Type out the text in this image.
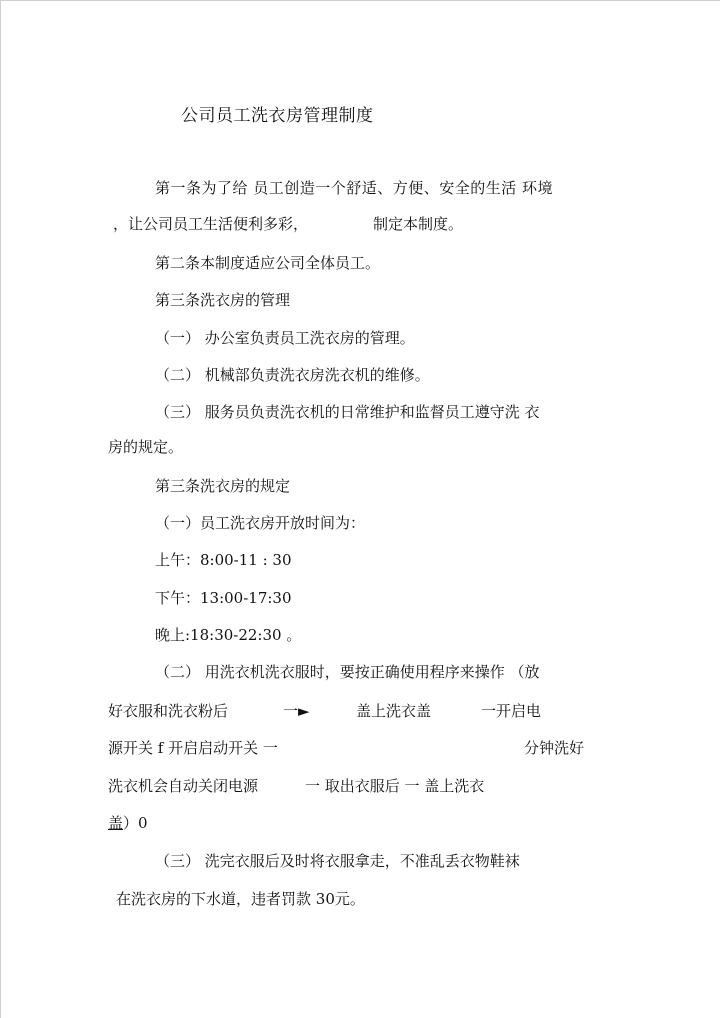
公司员工洗衣房管理制度
第一条为了给 员工创造一个舒适、方便、安全的生活 环境
，让公司员工生活便利多彩，	制定本制度。
第二条本制度适应公司全体员工。
第三条洗衣房的管理
（一） 办公室负责员工洗衣房的管理。
（二） 机械部负责洗衣房洗衣机的维修。
（三） 服务员负责洗衣机的日常维护和监督员工遵守洗 衣
房的规定。
第三条洗衣房的规定
（一）员工洗衣房开放时间为：
上午：8:00-11 : 30
下午：13:00-17:30
晚上:18:30-22:30 。
（二） 用洗衣机洗衣服时，要按正确使用程序来操作 （放
好衣服和洗衣粉后	一►	盖上洗衣盖	一开启电
源开关 f 开启启动开关 一	分钟洗好
洗衣机会自动关闭电源	一 取出衣服后 一 盖上洗衣
盖）0
（三） 洗完衣服后及时将衣服拿走，不准乱丢衣物鞋袜
在洗衣房的下水道，违者罚款 30元。
